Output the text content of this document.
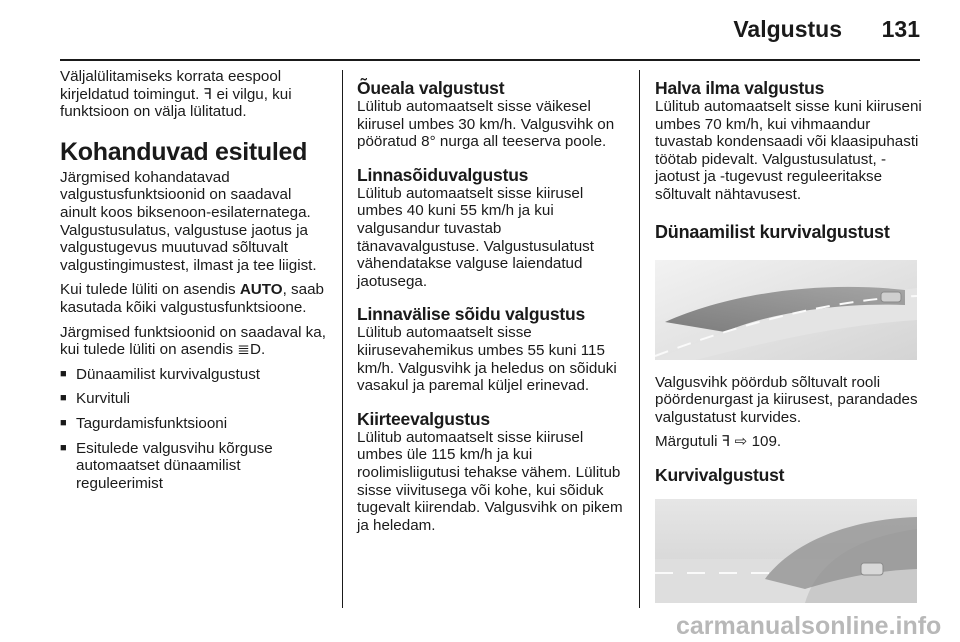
Valgustus 131

Väljalülitamiseks korrata eespool kirjeldatud toimingut. ꟻ ei vilgu, kui funktsioon on välja lülitatud.

Kohanduvad esituled

Järgmised kohandatavad valgustusfunktsioonid on saadaval ainult koos biksenoon-esilaternatega. Valgustusulatus, valgustuse jaotus ja valgustugevus muutuvad sõltuvalt valgustingimustest, ilmast ja tee liigist.

Kui tulede lüliti on asendis AUTO, saab kasutada kõiki valgustusfunktsioone.

Järgmised funktsioonid on saadaval ka, kui tulede lüliti on asendis ≣D.

■ Dünaamilist kurvivalgustust
■ Kurvituli
■ Tagurdamisfunktsiooni
■ Esitulede valgusvihu kõrguse automaatset dünaamilist reguleerimist
Õueala valgustust

Lülitub automaatselt sisse väikesel kiirusel umbes 30 km/h. Valgusvihk on pööratud 8° nurga all teeserva poole.

Linnasõiduvalgustus

Lülitub automaatselt sisse kiirusel umbes 40 kuni 55 km/h ja kui valgusandur tuvastab tänavavalgustuse. Valgustusulatust vähendatakse valguse laiendatud jaotusega.

Linnavälise sõidu valgustus

Lülitub automaatselt sisse kiirusevahemikus umbes 55 kuni 115 km/h. Valgusvihk ja heledus on sõiduki vasakul ja paremal küljel erinevad.

Kiirteevalgustus

Lülitub automaatselt sisse kiirusel umbes üle 115 km/h ja kui roolimisliigutusi tehakse vähem. Lülitub sisse viivitusega või kohe, kui sõiduk tugevalt kiirendab. Valgusvihk on pikem ja heledam.

Halva ilma valgustus

Lülitub automaatselt sisse kuni kiiruseni umbes 70 km/h, kui vihmaandur tuvastab kondensaadi või klaasipuhasti töötab pidevalt. Valgustusulatust, -jaotust ja -tugevust reguleeritakse sõltuvalt nähtavusest.

Dünaamilist kurvivalgustust

Valgusvihk pöördub sõltuvalt rooli pöördenurgast ja kiirusest, parandades valgustatust kurvides.

Märgutuli ꟻ ⇨ 109.

Kurvivalgustust
carmanualsonline.info
